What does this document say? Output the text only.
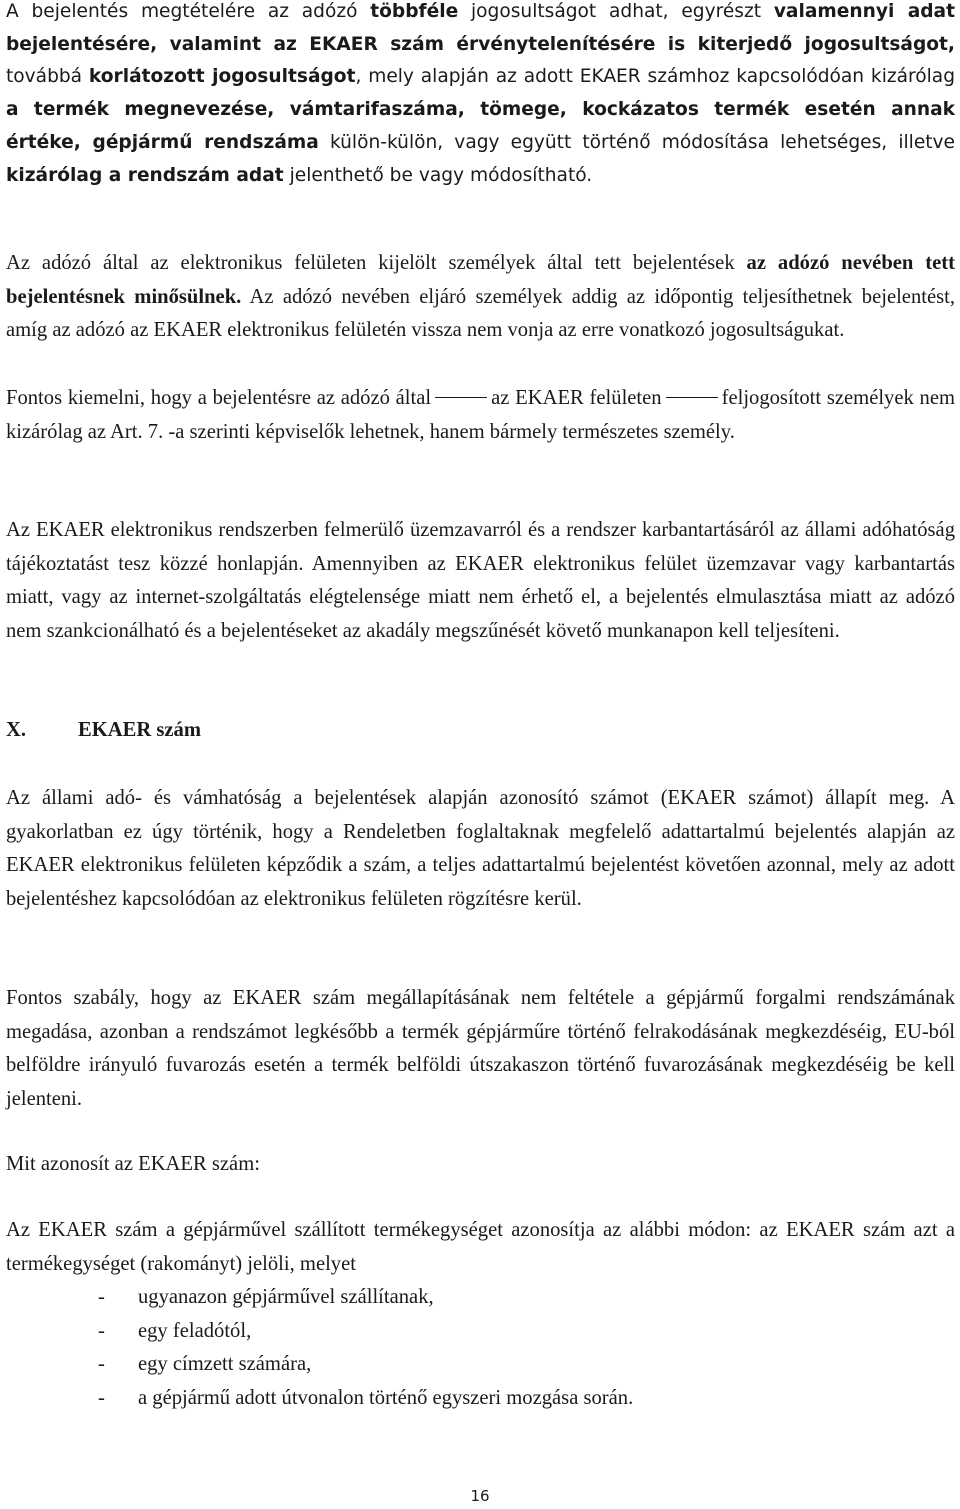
A bejelentés megtételére az adózó többféle jogosultságot adhat, egyrészt valamennyi adat bejelentésére, valamint az EKAER szám érvénytelenítésére is kiterjedő jogosultságot, továbbá korlátozott jogosultságot, mely alapján az adott EKAER számhoz kapcsolódóan kizárólag a termék megnevezése, vámtarifaszáma, tömege, kockázatos termék esetén annak értéke, gépjármű rendszáma külön-külön, vagy együtt történő módosítása lehetséges, illetve kizárólag a rendszám adat jelenthető be vagy módosítható.

Az adózó által az elektronikus felületen kijelölt személyek által tett bejelentések az adózó nevében tett bejelentésnek minősülnek. Az adózó nevében eljáró személyek addig az időpontig teljesíthetnek bejelentést, amíg az adózó az EKAER elektronikus felületén vissza nem vonja az erre vonatkozó jogosultságukat.

Fontos kiemelni, hogy a bejelentésre az adózó által	az EKAER felületen	feljogosított személyek nem kizárólag az Art. 7. -a szerinti képviselők lehetnek, hanem bármely természetes személy.

Az EKAER elektronikus rendszerben felmerülő üzemzavarról és a rendszer karbantartásáról az állami adóhatóság tájékoztatást tesz közzé honlapján. Amennyiben az EKAER elektronikus felület üzemzavar vagy karbantartás miatt, vagy az internet-szolgáltatás elégtelensége miatt nem érhető el, a bejelentés elmulasztása miatt az adózó nem szankcionálható és a bejelentéseket az akadály megszűnését követő munkanapon kell teljesíteni.

X.	EKAER szám

Az állami adó- és vámhatóság a bejelentések alapján azonosító számot (EKAER számot) állapít meg. A gyakorlatban ez úgy történik, hogy a Rendeletben foglaltaknak megfelelő adattartalmú bejelentés alapján az EKAER elektronikus felületen képződik a szám, a teljes adattartalmú bejelentést követően azonnal, mely az adott bejelentéshez kapcsolódóan az elektronikus felületen rögzítésre kerül.

Fontos szabály, hogy az EKAER szám megállapításának nem feltétele a gépjármű forgalmi rendszámának megadása, azonban a rendszámot legkésőbb a termék gépjárműre történő felrakodásának megkezdéséig, EU-ból belföldre irányuló fuvarozás esetén a termék belföldi útszakaszon történő fuvarozásának megkezdéséig be kell jelenteni.

Mit azonosít az EKAER szám:

Az EKAER szám a gépjárművel szállított termékegységet azonosítja az alábbi módon: az EKAER szám azt a termékegységet (rakományt) jelöli, melyet

- ugyanazon gépjárművel szállítanak,
- egy feladótól,
- egy címzett számára,
- a gépjármű adott útvonalon történő egyszeri mozgása során.
16
